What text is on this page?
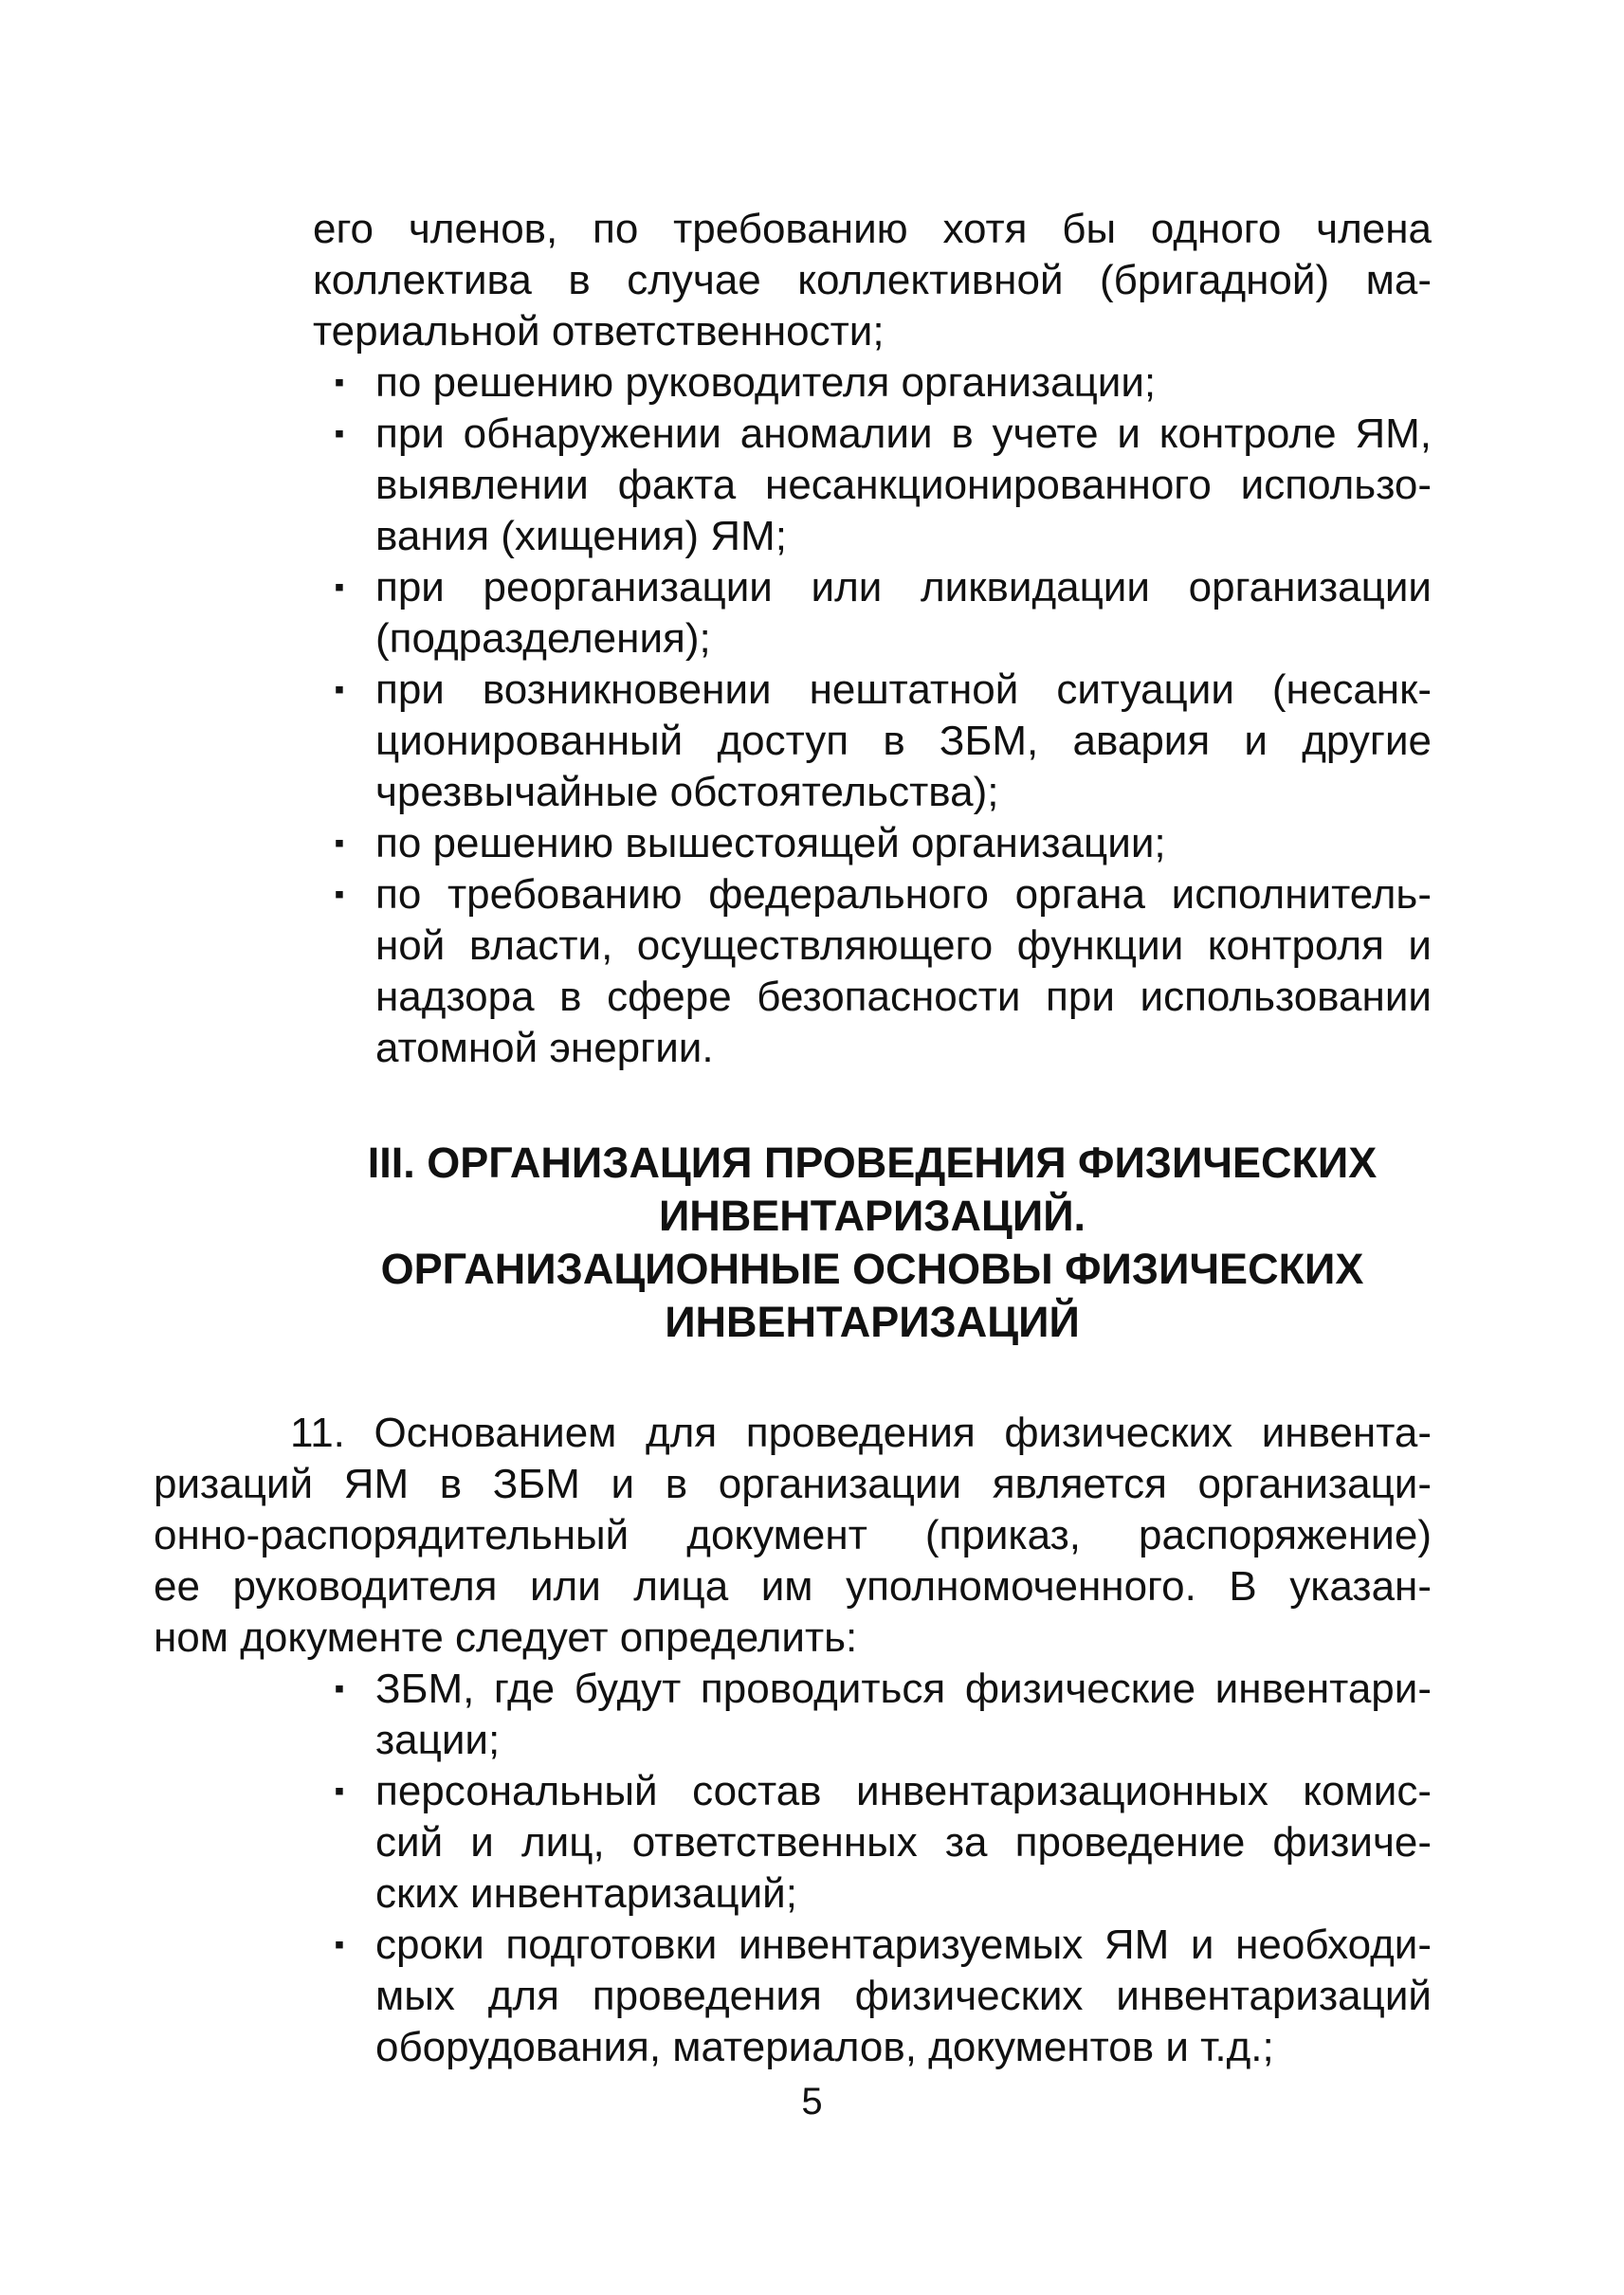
его членов, по требованию хотя бы одного члена
коллектива в случае коллективной (бригадной) ма-
териальной ответственности;
▪ по решению руководителя организации;
▪ при обнаружении аномалии в учете и контроле ЯМ,
выявлении факта несанкционированного использо-
вания (хищения) ЯМ;
▪ при реорганизации или ликвидации организации
(подразделения);
▪ при возникновении нештатной ситуации (несанк-
ционированный доступ в ЗБМ, авария и другие
чрезвычайные обстоятельства);
▪ по решению вышестоящей организации;
▪ по требованию федерального органа исполнитель-
ной власти, осуществляющего функции контроля и
надзора в сфере безопасности при использовании
атомной энергии.
III. ОРГАНИЗАЦИЯ ПРОВЕДЕНИЯ ФИЗИЧЕСКИХ
ИНВЕНТАРИЗАЦИЙ.
ОРГАНИЗАЦИОННЫЕ ОСНОВЫ ФИЗИЧЕСКИХ
ИНВЕНТАРИЗАЦИЙ
11. Основанием для проведения физических инвента-
ризаций ЯМ в ЗБМ и в организации является организаци-
онно-распорядительный документ (приказ, распоряжение)
ее руководителя или лица им уполномоченного. В указан-
ном документе следует определить:
▪ ЗБМ, где будут проводиться физические инвентари-
зации;
▪ персональный состав инвентаризационных комис-
сий и лиц, ответственных за проведение физиче-
ских инвентаризаций;
▪ сроки подготовки инвентаризуемых ЯМ и необходи-
мых для проведения физических инвентаризаций
оборудования, материалов, документов и т.д.;
5
